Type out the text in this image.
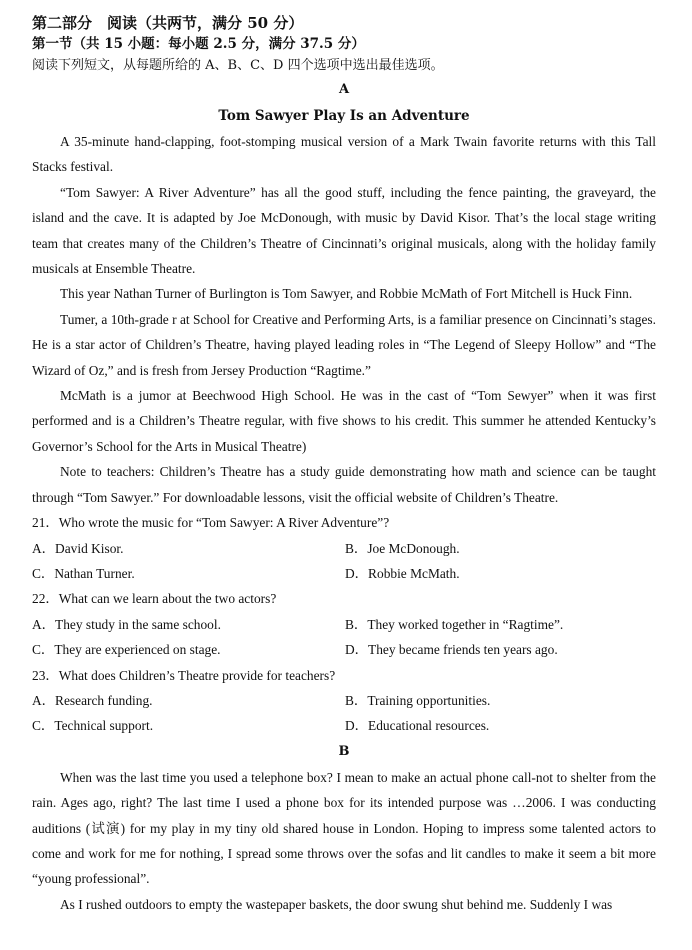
第二部分　阅读（共两节，满分 50 分）

第一节（共 15 小题：每小题 2.5 分，满分 37.5 分）

阅读下列短文，从每题所给的 A、B、C、D 四个选项中选出最佳选项。

A

Tom Sawyer Play Is an Adventure

A 35-minute hand-clapping, foot-stomping musical version of a Mark Twain favorite returns with this Tall Stacks festival.

“Tom Sawyer: A River Adventure” has all the good stuff, including the fence painting, the graveyard, the island and the cave. It is adapted by Joe McDonough, with music by David Kisor. That’s the local stage writing team that creates many of the Children’s Theatre of Cincinnati’s original musicals, along with the holiday family musicals at Ensemble Theatre.

This year Nathan Turner of Burlington is Tom Sawyer, and Robbie McMath of Fort Mitchell is Huck Finn.

Tumer, a 10th-grade r at School for Creative and Performing Arts, is a familiar presence on Cincinnati’s stages. He is a star actor of Children’s Theatre, having played leading roles in “The Legend of Sleepy Hollow” and “The Wizard of Oz,” and is fresh from Jersey Production “Ragtime.”

McMath is a jumor at Beechwood High School. He was in the cast of “Tom Sewyer” when it was first performed and is a Children’s Theatre regular, with five shows to his credit. This summer he attended Kentucky’s Governor’s School for the Arts in Musical Theatre)

Note to teachers: Children’s Theatre has a study guide demonstrating how math and science can be taught through “Tom Sawyer.” For downloadable lessons, visit the official website of Children’s Theatre.

21．Who wrote the music for “Tom Sawyer: A River Adventure”?

A．David Kisor.	B．Joe McDonough.
C．Nathan Turner.	D．Robbie McMath.

22．What can we learn about the two actors?

A．They study in the same school.	B．They worked together in “Ragtime”.
C．They are experienced on stage.	D．They became friends ten years ago.

23．What does Children’s Theatre provide for teachers?

A．Research funding.	B．Training opportunities.
C．Technical support.	D．Educational resources.

B

When was the last time you used a telephone box? I mean to make an actual phone call-not to shelter from the rain. Ages ago, right? The last time I used a phone box for its intended purpose was …2006. I was conducting auditions (试演) for my play in my tiny old shared house in London. Hoping to impress some talented actors to come and work for me for nothing, I spread some throws over the sofas and lit candles to make it seem a bit more “young professional”.

As I rushed outdoors to empty the wastepaper baskets, the door swung shut behind me. Suddenly I was
